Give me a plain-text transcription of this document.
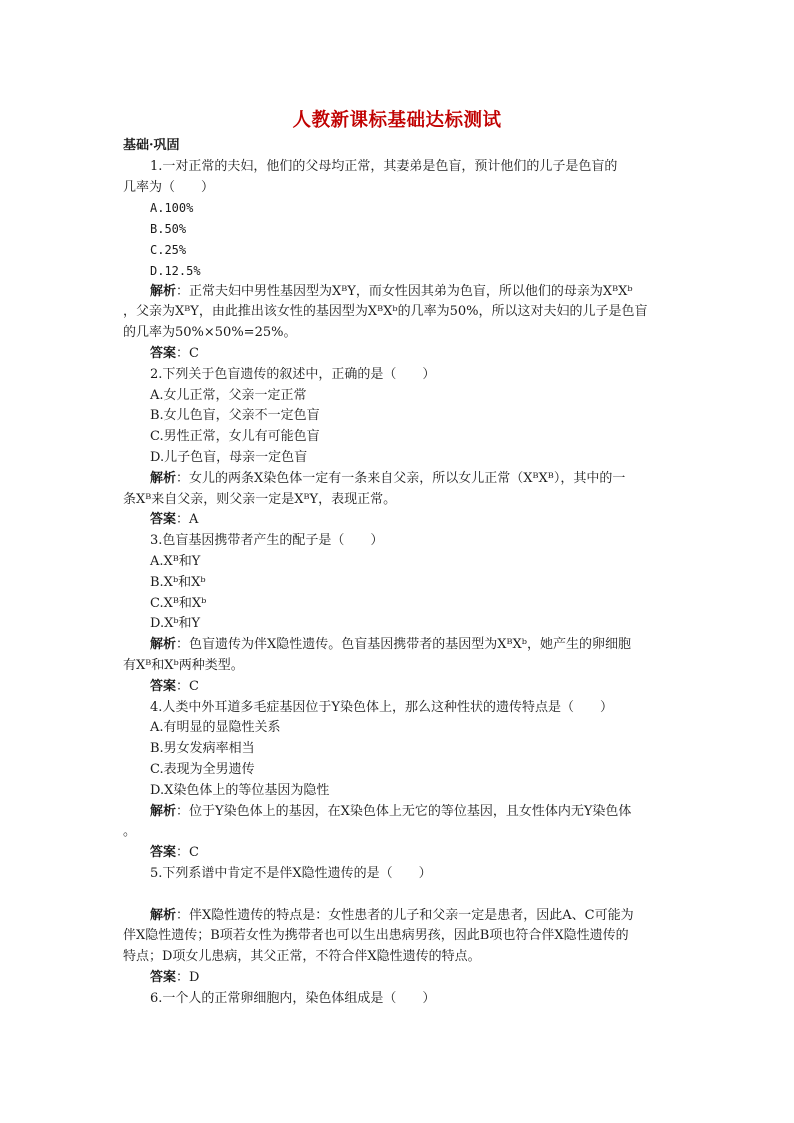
人教新课标基础达标测试
基础·巩固
1.一对正常的夫妇，他们的父母均正常，其妻弟是色盲，预计他们的儿子是色盲的
几率为（　　）
A.100%
B.50%
C.25%
D.12.5%
解析：正常夫妇中男性基因型为XᴮY，而女性因其弟为色盲，所以他们的母亲为XᴮXᵇ
，父亲为XᴮY，由此推出该女性的基因型为XᴮXᵇ的几率为50%，所以这对夫妇的儿子是色盲
的几率为50%×50%=25%。
答案：C
2.下列关于色盲遗传的叙述中，正确的是（　　）
A.女儿正常，父亲一定正常
B.女儿色盲，父亲不一定色盲
C.男性正常，女儿有可能色盲
D.儿子色盲，母亲一定色盲
解析：女儿的两条X染色体一定有一条来自父亲，所以女儿正常（XᴮXᴮ），其中的一
条Xᴮ来自父亲，则父亲一定是XᴮY，表现正常。
答案：A
3.色盲基因携带者产生的配子是（　　）
A.Xᴮ和Y
B.Xᵇ和Xᵇ
C.Xᴮ和Xᵇ
D.Xᵇ和Y
解析：色盲遗传为伴X隐性遗传。色盲基因携带者的基因型为XᴮXᵇ，她产生的卵细胞
有Xᴮ和Xᵇ两种类型。
答案：C
4.人类中外耳道多毛症基因位于Y染色体上，那么这种性状的遗传特点是（　　）
A.有明显的显隐性关系
B.男女发病率相当
C.表现为全男遗传
D.X染色体上的等位基因为隐性
解析：位于Y染色体上的基因，在X染色体上无它的等位基因，且女性体内无Y染色体
。
答案：C
5.下列系谱中肯定不是伴X隐性遗传的是（　　）
解析：伴X隐性遗传的特点是：女性患者的儿子和父亲一定是患者，因此A、C可能为
伴X隐性遗传；B项若女性为携带者也可以生出患病男孩，因此B项也符合伴X隐性遗传的
特点；D项女儿患病，其父正常，不符合伴X隐性遗传的特点。
答案：D
6.一个人的正常卵细胞内，染色体组成是（　　）
